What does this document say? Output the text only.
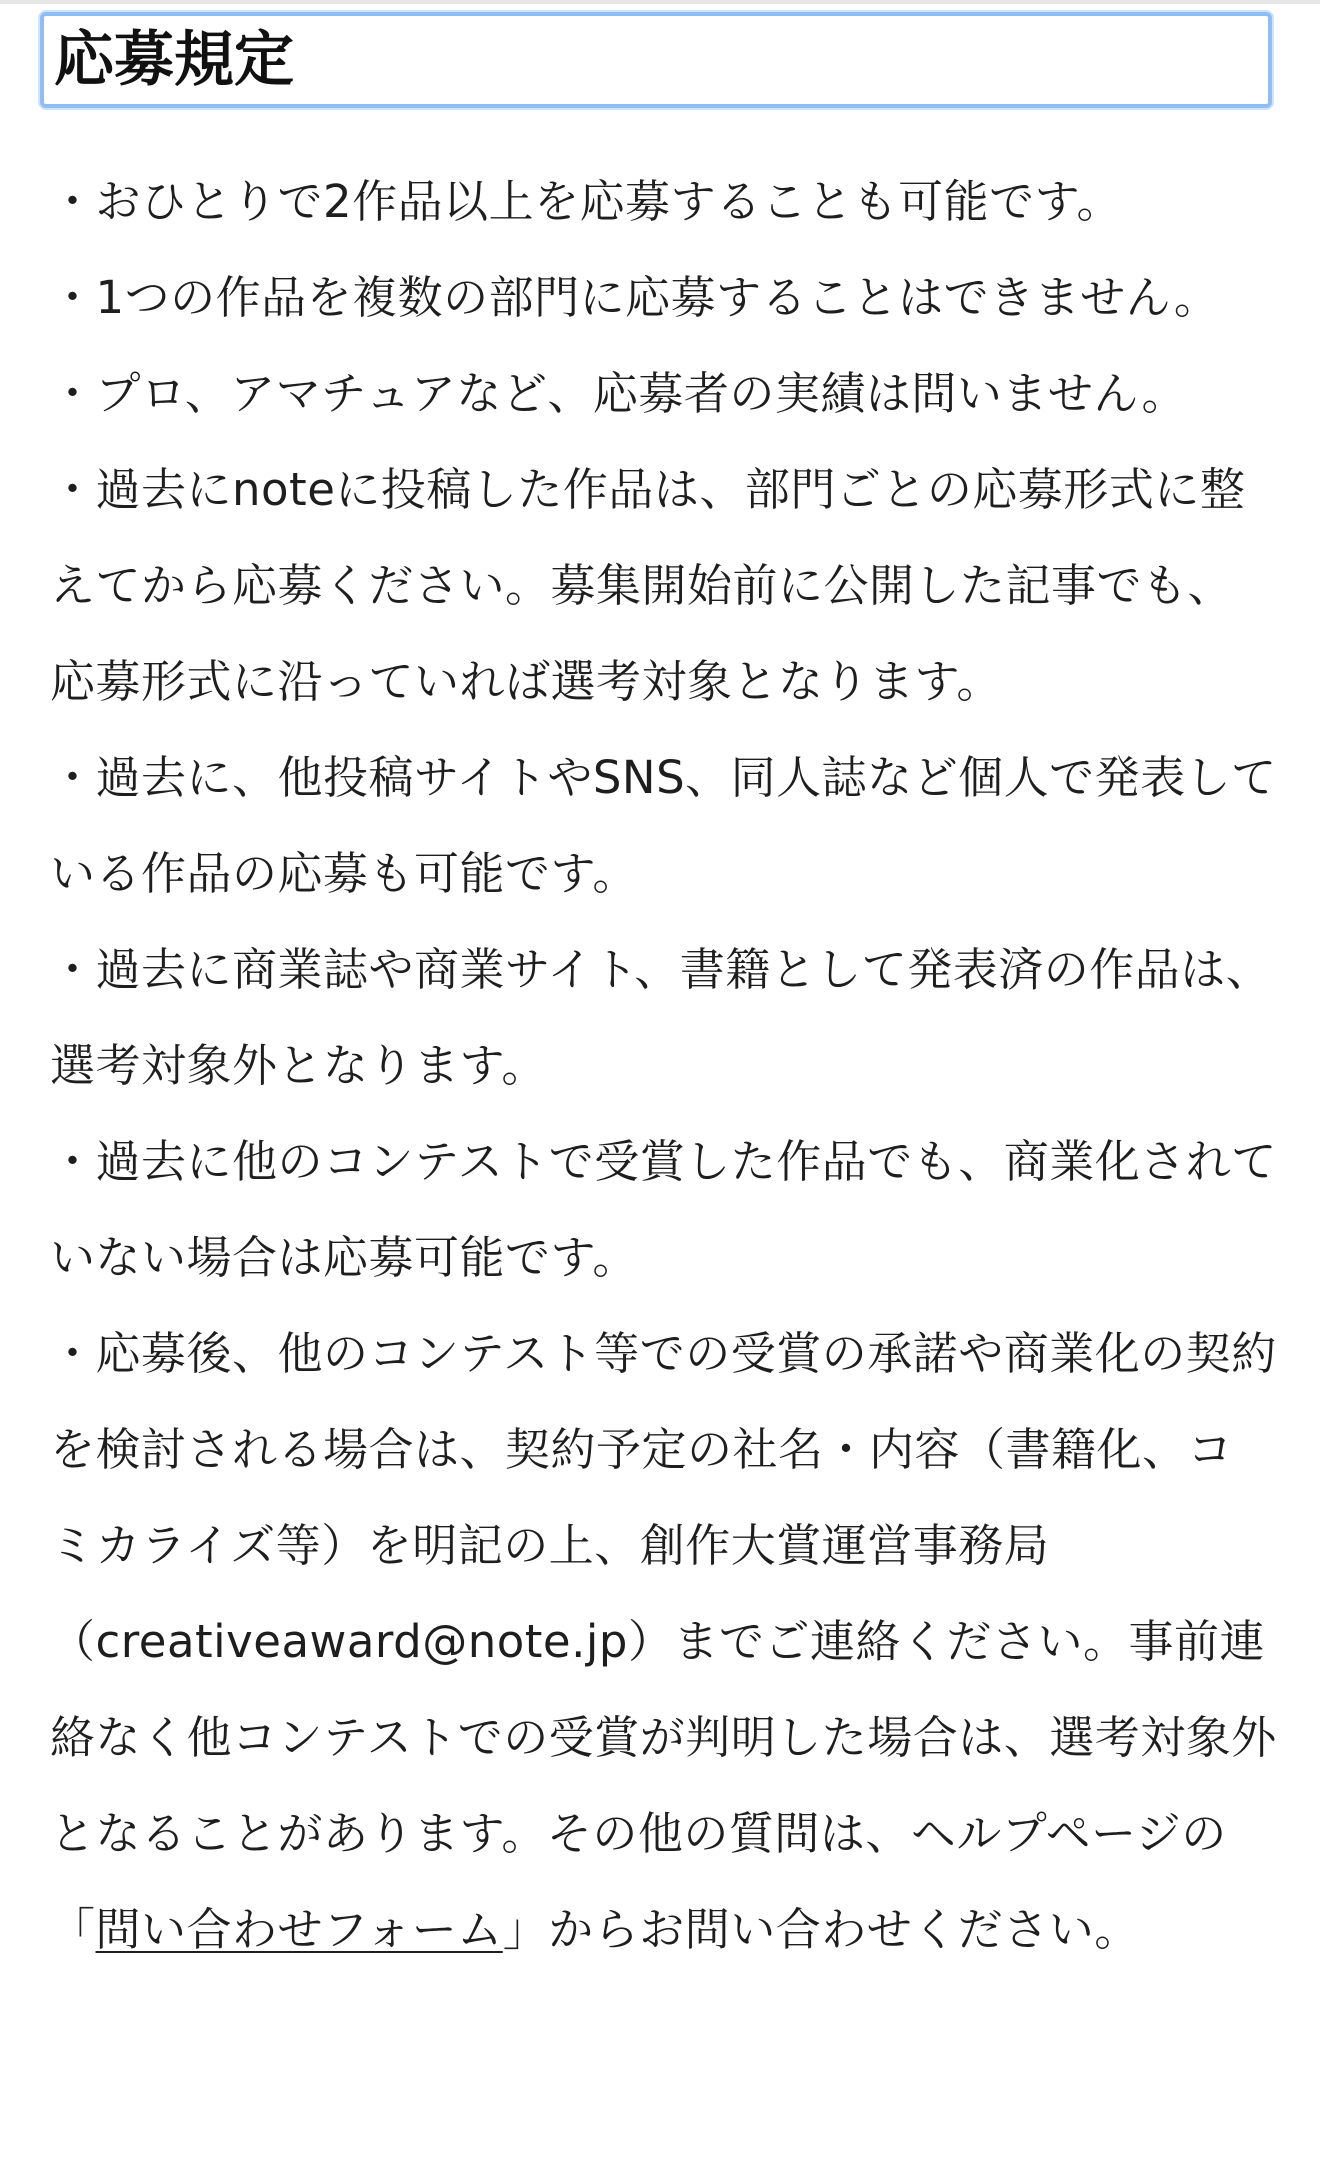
応募規定
・おひとりで2作品以上を応募することも可能です。
・1つの作品を複数の部門に応募することはできません。
・プロ、アマチュアなど、応募者の実績は問いません。
・過去にnoteに投稿した作品は、部門ごとの応募形式に整えてから応募ください。募集開始前に公開した記事でも、応募形式に沿っていれば選考対象となります。
・過去に、他投稿サイトやSNS、同人誌など個人で発表している作品の応募も可能です。
・過去に商業誌や商業サイト、書籍として発表済の作品は、選考対象外となります。
・過去に他のコンテストで受賞した作品でも、商業化されていない場合は応募可能です。
・応募後、他のコンテスト等での受賞の承諾や商業化の契約を検討される場合は、契約予定の社名・内容（書籍化、コミカライズ等）を明記の上、創作大賞運営事務局（creativeaward@note.jp）までご連絡ください。事前連絡なく他コンテストでの受賞が判明した場合は、選考対象外となることがあります。その他の質問は、ヘルプページの「問い合わせフォーム」からお問い合わせください。
